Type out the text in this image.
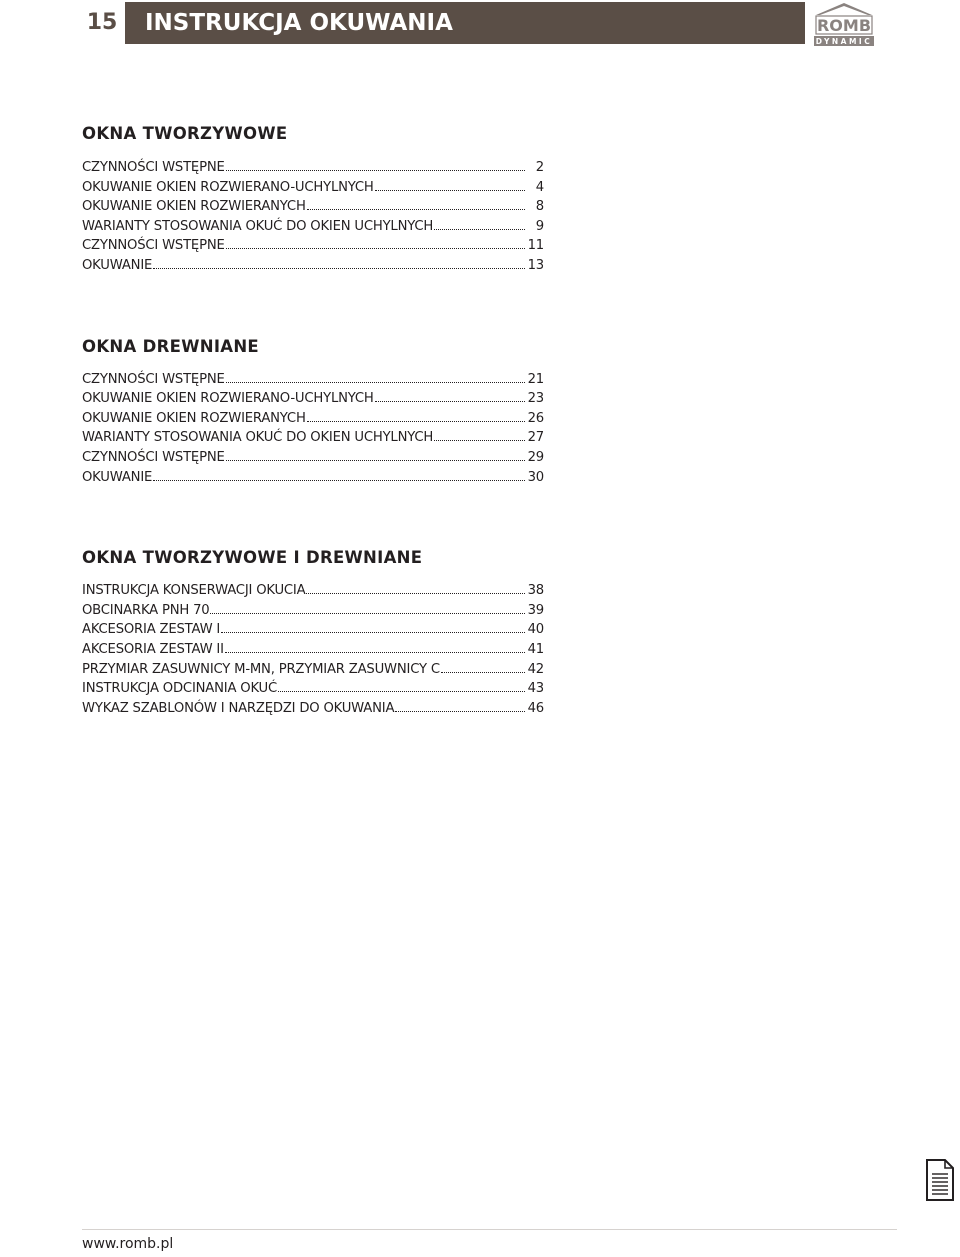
15	INSTRUKCJA OKUWANIA	ROMB
DYNAMIC
OKNA TWORZYWOWE
CZYNNOŚCI WSTĘPNE	2
OKUWANIE OKIEN ROZWIERANO-UCHYLNYCH	4
OKUWANIE OKIEN ROZWIERANYCH	8
WARIANTY STOSOWANIA OKUĆ DO OKIEN UCHYLNYCH	9
CZYNNOŚCI WSTĘPNE	11
OKUWANIE	13
OKNA DREWNIANE
CZYNNOŚCI WSTĘPNE	21
OKUWANIE OKIEN ROZWIERANO-UCHYLNYCH	23
OKUWANIE OKIEN ROZWIERANYCH	26
WARIANTY STOSOWANIA OKUĆ DO OKIEN UCHYLNYCH	27
CZYNNOŚCI WSTĘPNE	29
OKUWANIE	30
OKNA TWORZYWOWE I DREWNIANE
INSTRUKCJA KONSERWACJI OKUCIA	38
OBCINARKA PNH 70	39
AKCESORIA ZESTAW I	40
AKCESORIA ZESTAW II	41
PRZYMIAR ZASUWNICY M-MN, PRZYMIAR ZASUWNICY C	42
INSTRUKCJA ODCINANIA OKUĆ	43
WYKAZ SZABLONÓW I NARZĘDZI DO OKUWANIA	46
www.romb.pl
